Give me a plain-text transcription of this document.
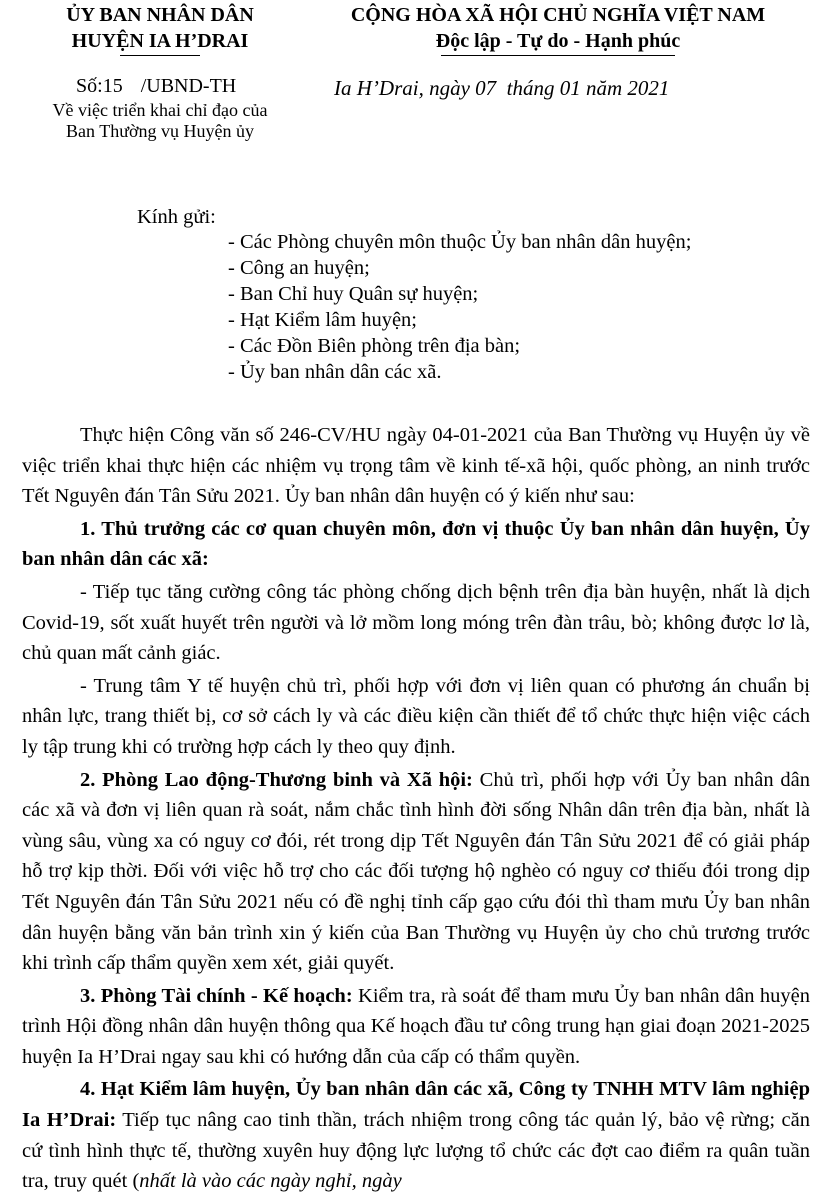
ỦY BAN NHÂN DÂN
HUYỆN IA H’DRAI
CỘNG HÒA XÃ HỘI CHỦ NGHĨA VIỆT NAM
Độc lập - Tự do - Hạnh phúc
Số:15 /UBND-TH
Về việc triển khai chỉ đạo của
Ban Thường vụ Huyện ủy
Ia H’Drai, ngày 07 tháng 01 năm 2021
Kính gửi:
- Các Phòng chuyên môn thuộc Ủy ban nhân dân huyện;
- Công an huyện;
- Ban Chỉ huy Quân sự huyện;
- Hạt Kiểm lâm huyện;
- Các Đồn Biên phòng trên địa bàn;
- Ủy ban nhân dân các xã.

Thực hiện Công văn số 246-CV/HU ngày 04-01-2021 của Ban Thường vụ Huyện ủy về việc triển khai thực hiện các nhiệm vụ trọng tâm về kinh tế-xã hội, quốc phòng, an ninh trước Tết Nguyên đán Tân Sửu 2021. Ủy ban nhân dân huyện có ý kiến như sau:

1. Thủ trưởng các cơ quan chuyên môn, đơn vị thuộc Ủy ban nhân dân huyện, Ủy ban nhân dân các xã:

- Tiếp tục tăng cường công tác phòng chống dịch bệnh trên địa bàn huyện, nhất là dịch Covid-19, sốt xuất huyết trên người và lở mồm long móng trên đàn trâu, bò; không được lơ là, chủ quan mất cảnh giác.

- Trung tâm Y tế huyện chủ trì, phối hợp với đơn vị liên quan có phương án chuẩn bị nhân lực, trang thiết bị, cơ sở cách ly và các điều kiện cần thiết để tổ chức thực hiện việc cách ly tập trung khi có trường hợp cách ly theo quy định.

2. Phòng Lao động-Thương binh và Xã hội: Chủ trì, phối hợp với Ủy ban nhân dân các xã và đơn vị liên quan rà soát, nắm chắc tình hình đời sống Nhân dân trên địa bàn, nhất là vùng sâu, vùng xa có nguy cơ đói, rét trong dịp Tết Nguyên đán Tân Sửu 2021 để có giải pháp hỗ trợ kịp thời. Đối với việc hỗ trợ cho các đối tượng hộ nghèo có nguy cơ thiếu đói trong dịp Tết Nguyên đán Tân Sửu 2021 nếu có đề nghị tỉnh cấp gạo cứu đói thì tham mưu Ủy ban nhân dân huyện bằng văn bản trình xin ý kiến của Ban Thường vụ Huyện ủy cho chủ trương trước khi trình cấp thẩm quyền xem xét, giải quyết.

3. Phòng Tài chính - Kế hoạch: Kiểm tra, rà soát để tham mưu Ủy ban nhân dân huyện trình Hội đồng nhân dân huyện thông qua Kế hoạch đầu tư công trung hạn giai đoạn 2021-2025 huyện Ia H’Drai ngay sau khi có hướng dẫn của cấp có thẩm quyền.

4. Hạt Kiểm lâm huyện, Ủy ban nhân dân các xã, Công ty TNHH MTV lâm nghiệp Ia H’Drai: Tiếp tục nâng cao tinh thần, trách nhiệm trong công tác quản lý, bảo vệ rừng; căn cứ tình hình thực tế, thường xuyên huy động lực lượng tổ chức các đợt cao điểm ra quân tuần tra, truy quét (nhất là vào các ngày nghỉ, ngày
